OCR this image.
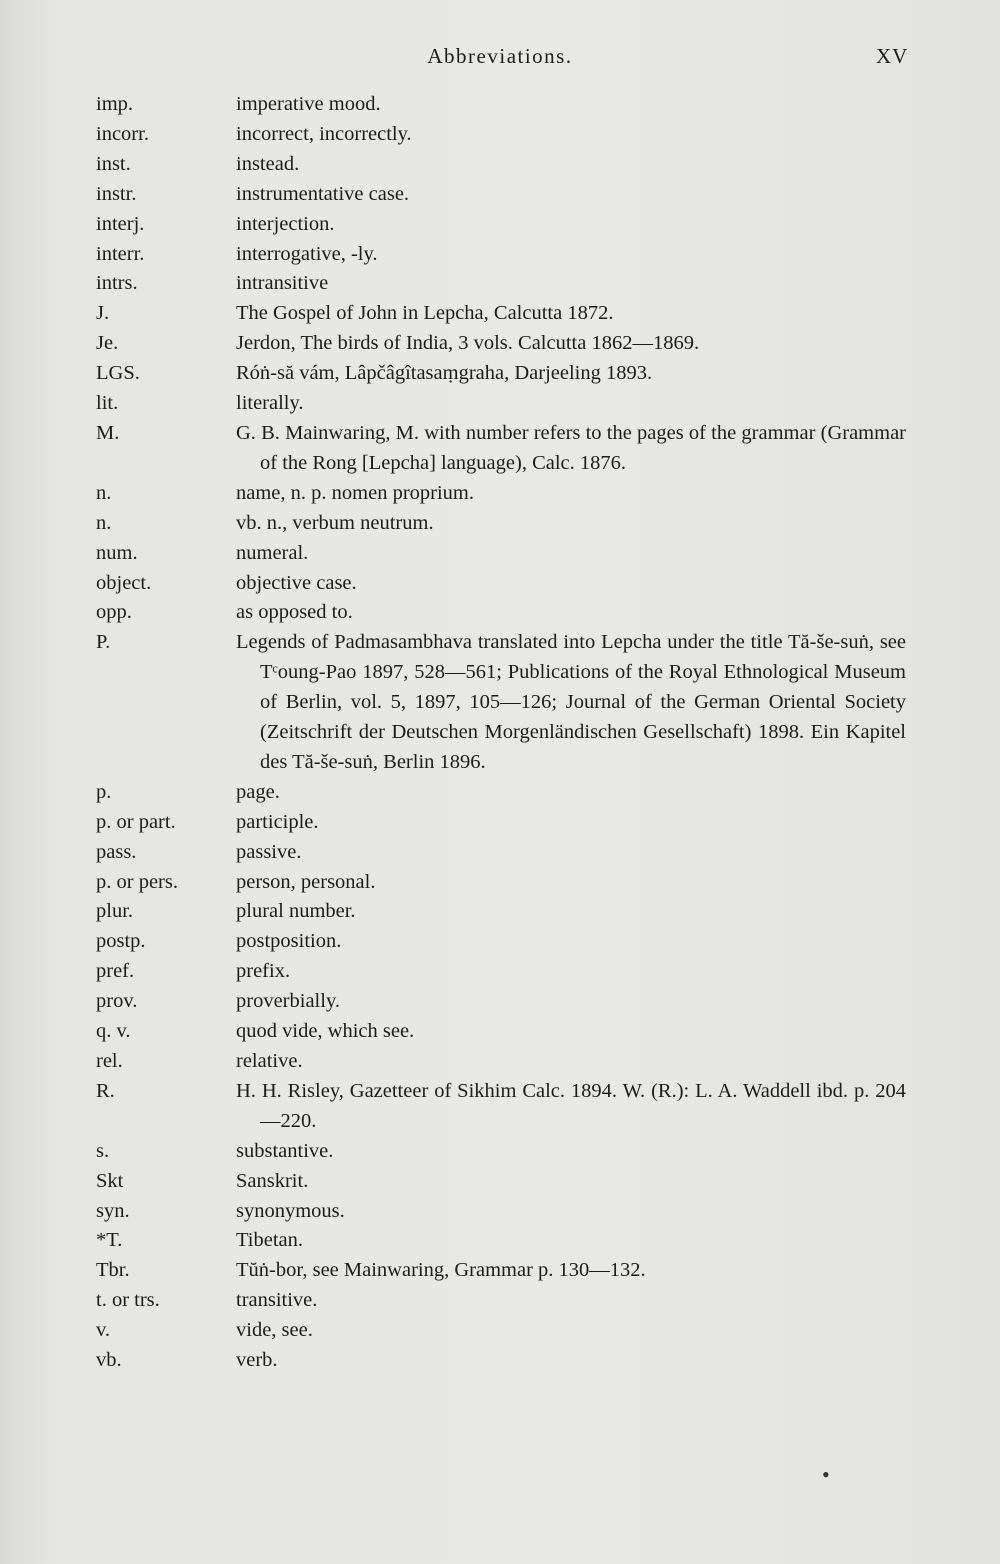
Abbreviations.	XV
imp.	imperative mood.
incorr.	incorrect, incorrectly.
inst.	instead.
instr.	instrumentative case.
interj.	interjection.
interr.	interrogative, -ly.
intrs.	intransitive
J.	The Gospel of John in Lepcha, Calcutta 1872.
Je.	Jerdon, The birds of India, 3 vols. Calcutta 1862—1869.
LGS.	Róṅ-să vám, Lâpčâgîtasaṃgraha, Darjeeling 1893.
lit.	literally.
M.	G. B. Mainwaring, M. with number refers to the pages of the grammar (Grammar of the Rong [Lepcha] language), Calc. 1876.
n.	name, n. p. nomen proprium.
n.	vb. n., verbum neutrum.
num.	numeral.
object.	objective case.
opp.	as opposed to.
P.	Legends of Padmasambhava translated into Lepcha under the title Tă-še-suṅ, see Tᶜoung-Pao 1897, 528—561; Publications of the Royal Ethnological Museum of Berlin, vol. 5, 1897, 105—126; Journal of the German Oriental Society (Zeitschrift der Deutschen Morgenländischen Gesellschaft) 1898. Ein Kapitel des Tă-še-suṅ, Berlin 1896.
p.	page.
p. or part.	participle.
pass.	passive.
p. or pers.	person, personal.
plur.	plural number.
postp.	postposition.
pref.	prefix.
prov.	proverbially.
q. v.	quod vide, which see.
rel.	relative.
R.	H. H. Risley, Gazetteer of Sikhim Calc. 1894. W. (R.): L. A. Waddell ibd. p. 204—220.
s.	substantive.
Skt	Sanskrit.
syn.	synonymous.
*T.	Tibetan.
Tbr.	Tŭṅ-bor, see Mainwaring, Grammar p. 130—132.
t. or trs.	transitive.
v.	vide, see.
vb.	verb.
•
